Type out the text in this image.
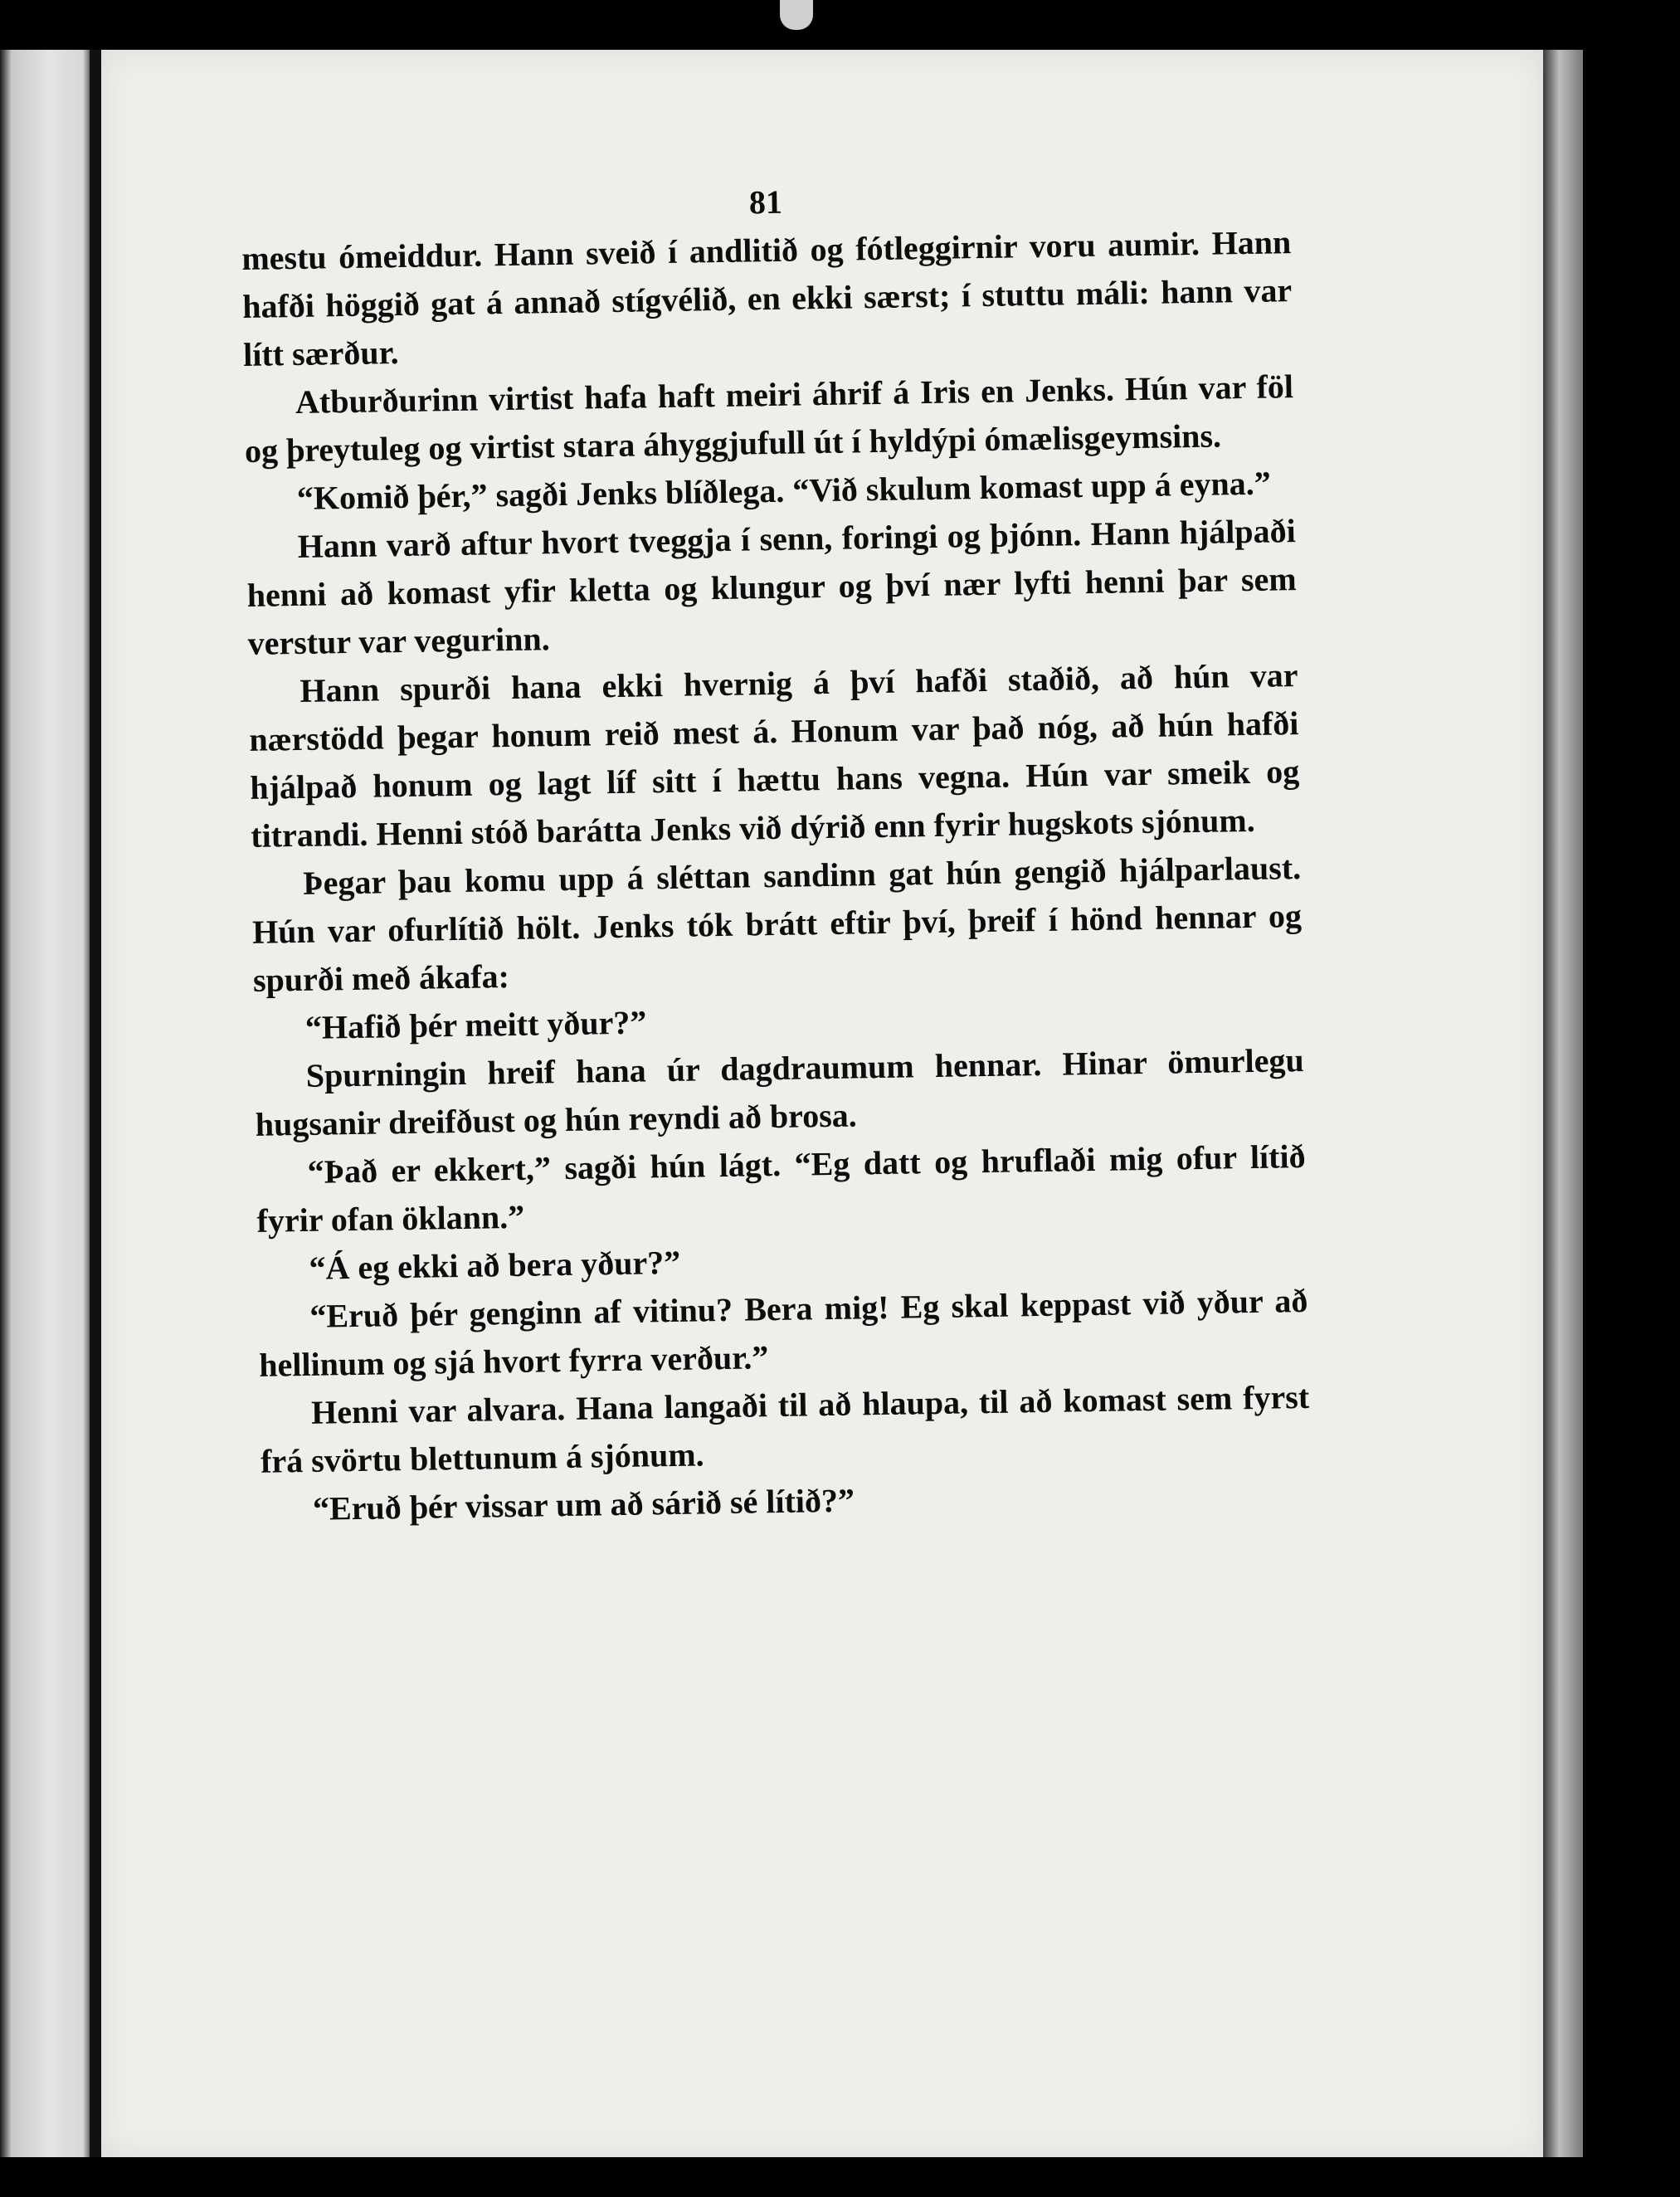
81

mestu ómeiddur. Hann sveið í andlitið og fótleggirnir voru aumir. Hann hafði höggið gat á annað stígvélið, en ekki særst; í stuttu máli: hann var lítt særður.

Atburðurinn virtist hafa haft meiri áhrif á Iris en Jenks. Hún var föl og þreytuleg og virtist stara áhyggjufull út í hyldýpi ómælisgeymsins.

“Komið þér,” sagði Jenks blíðlega. “Við skulum komast upp á eyna.”

Hann varð aftur hvort tveggja í senn, foringi og þjónn. Hann hjálpaði henni að komast yfir kletta og klungur og því nær lyfti henni þar sem verstur var vegurinn.

Hann spurði hana ekki hvernig á því hafði staðið, að hún var nærstödd þegar honum reið mest á. Honum var það nóg, að hún hafði hjálpað honum og lagt líf sitt í hættu hans vegna. Hún var smeik og titrandi. Henni stóð barátta Jenks við dýrið enn fyrir hugskots sjónum.

Þegar þau komu upp á sléttan sandinn gat hún gengið hjálparlaust. Hún var ofurlítið hölt. Jenks tók brátt eftir því, þreif í hönd hennar og spurði með ákafa:

“Hafið þér meitt yður?”

Spurningin hreif hana úr dagdraumum hennar. Hinar ömurlegu hugsanir dreifðust og hún reyndi að brosa.

“Það er ekkert,” sagði hún lágt. “Eg datt og hruflaði mig ofur lítið fyrir ofan öklann.”

“Á eg ekki að bera yður?”

“Eruð þér genginn af vitinu? Bera mig! Eg skal keppast við yður að hellinum og sjá hvort fyrra verður.”

Henni var alvara. Hana langaði til að hlaupa, til að komast sem fyrst frá svörtu blettunum á sjónum.

“Eruð þér vissar um að sárið sé lítið?”
